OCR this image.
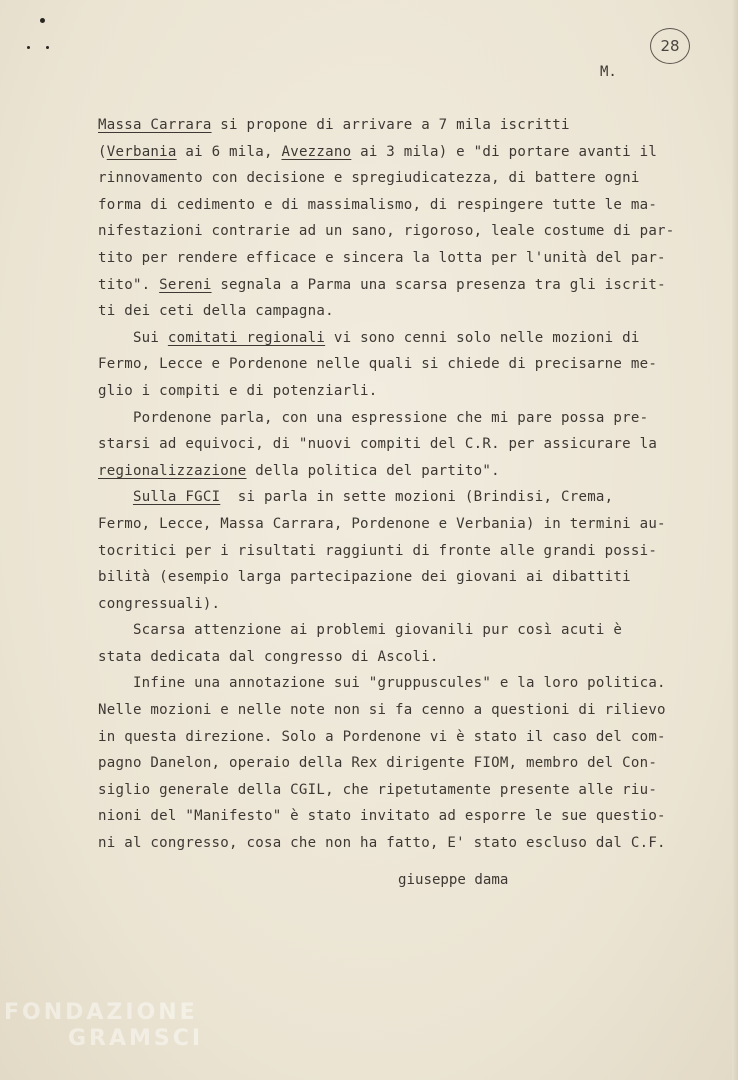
28
M.
Massa Carrara si propone di arrivare a 7 mila iscritti
(Verbania ai 6 mila, Avezzano ai 3 mila) e "di portare avanti il
rinnovamento con decisione e spregiudicatezza, di battere ogni
forma di cedimento e di massimalismo, di respingere tutte le ma-
nifestazioni contrarie ad un sano, rigoroso, leale costume di par-
tito per rendere efficace e sincera la lotta per l'unità del par-
tito". Sereni segnala a Parma una scarsa presenza tra gli iscrit-
ti dei ceti della campagna.
Sui comitati regionali vi sono cenni solo nelle mozioni di
Fermo, Lecce e Pordenone nelle quali si chiede di precisarne me-
glio i compiti e di potenziarli.
Pordenone parla, con una espressione che mi pare possa pre-
starsi ad equivoci, di "nuovi compiti del C.R. per assicurare la
regionalizzazione della politica del partito".
Sulla FGCI  si parla in sette mozioni (Brindisi, Crema,
Fermo, Lecce, Massa Carrara, Pordenone e Verbania) in termini au-
tocritici per i risultati raggiunti di fronte alle grandi possi-
bilità (esempio larga partecipazione dei giovani ai dibattiti
congressuali).
Scarsa attenzione ai problemi giovanili pur così acuti è
stata dedicata dal congresso di Ascoli.
Infine una annotazione sui "gruppuscules" e la loro politica.
Nelle mozioni e nelle note non si fa cenno a questioni di rilievo
in questa direzione. Solo a Pordenone vi è stato il caso del com-
pagno Danelon, operaio della Rex dirigente FIOM, membro del Con-
siglio generale della CGIL, che ripetutamente presente alle riu-
nioni del "Manifesto" è stato invitato ad esporre le sue questio-
ni al congresso, cosa che non ha fatto, E' stato escluso dal C.F.
giuseppe dama
FONDAZIONE
GRAMSCI
